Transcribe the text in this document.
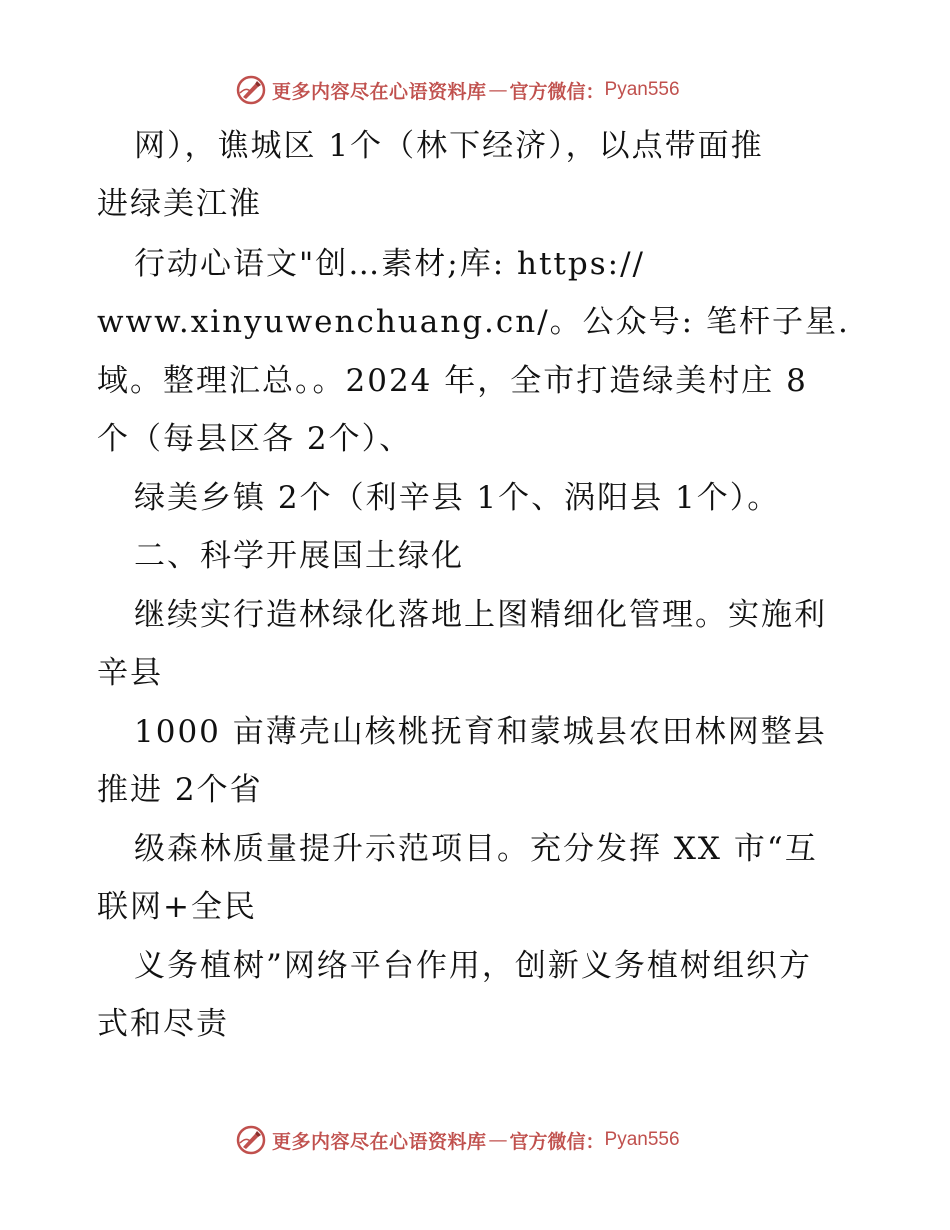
更多内容尽在心语资料库 — 官方微信： Pyan556
网），谯城区 1个（林下经济），以点带面推
进绿美江淮
行动心语文"创…素材;库: https://
www.xinyuwenchuang.cn/。公众号: 笔杆子星.
域。整理汇总。。2024 年，全市打造绿美村庄 8
个（每县区各 2个）、
绿美乡镇 2个（利辛县 1个、涡阳县 1个）。
二、科学开展国土绿化
继续实行造林绿化落地上图精细化管理。实施利
辛县
1000 亩薄壳山核桃抚育和蒙城县农田林网整县
推进 2个省
级森林质量提升示范项目。充分发挥 XX 市“互
联网+全民
义务植树”网络平台作用，创新义务植树组织方
式和尽责
更多内容尽在心语资料库 — 官方微信： Pyan556
